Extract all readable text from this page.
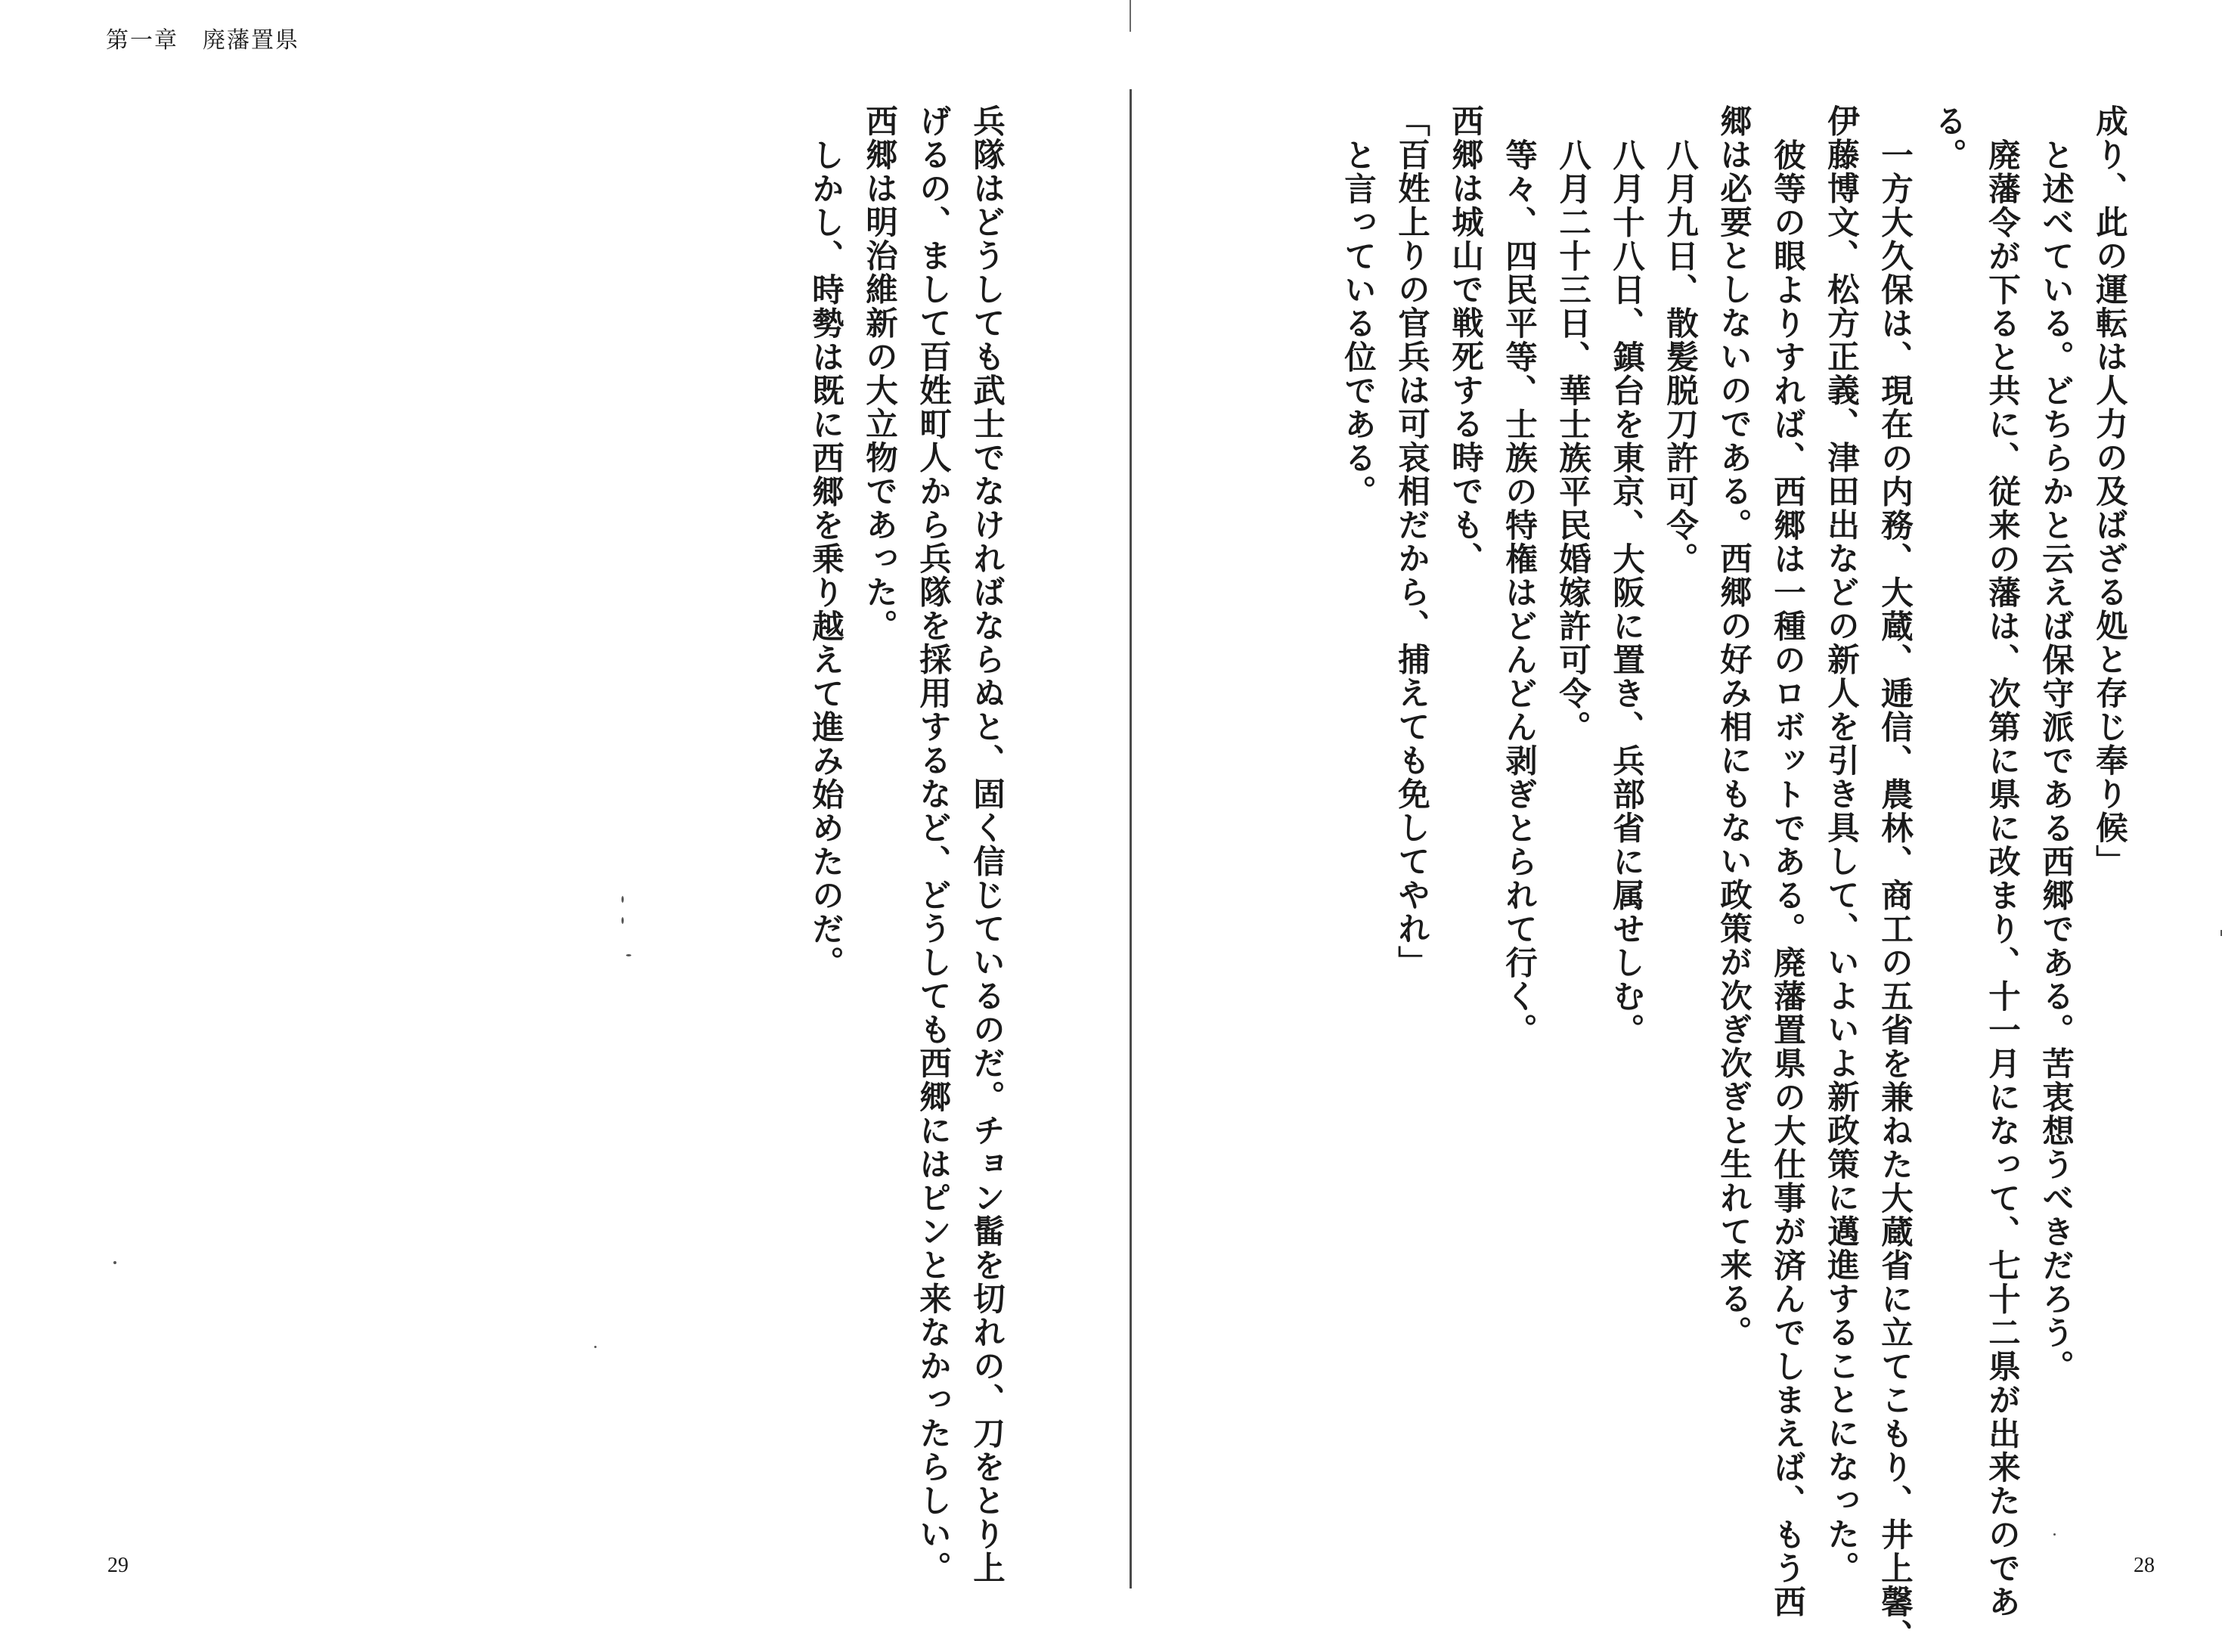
第一章　廃藩置県

兵隊はどうしても武士でなければならぬと、固く信じているのだ。チョン髷を切れの、刀をとり上

げるの、まして百姓町人から兵隊を採用するなど、どうしても西郷にはピンと来なかったらしい。

西郷は明治維新の大立物であった。

しかし、時勢は既に西郷を乗り越えて進み始めたのだ。

29	28

成り、此の運転は人力の及ばざる処と存じ奉り候」

と述べている。どちらかと云えば保守派である西郷である。苦衷想うべきだろう。

廃藩令が下ると共に、従来の藩は、次第に県に改まり、十一月になって、七十二県が出来たのであ

る。

一方大久保は、現在の内務、大蔵、逓信、農林、商工の五省を兼ねた大蔵省に立てこもり、井上馨、

伊藤博文、松方正義、津田出などの新人を引き具して、いよいよ新政策に邁進することになった。

彼等の眼よりすれば、西郷は一種のロボットである。廃藩置県の大仕事が済んでしまえば、もう西

郷は必要としないのである。西郷の好み相にもない政策が次ぎ次ぎと生れて来る。

八月九日、散髪脱刀許可令。

八月十八日、鎮台を東京、大阪に置き、兵部省に属せしむ。

八月二十三日、華士族平民婚嫁許可令。

等々、四民平等、士族の特権はどんどん剥ぎとられて行く。

西郷は城山で戦死する時でも、

「百姓上りの官兵は可哀相だから、捕えても免してやれ」

と言っている位である。
